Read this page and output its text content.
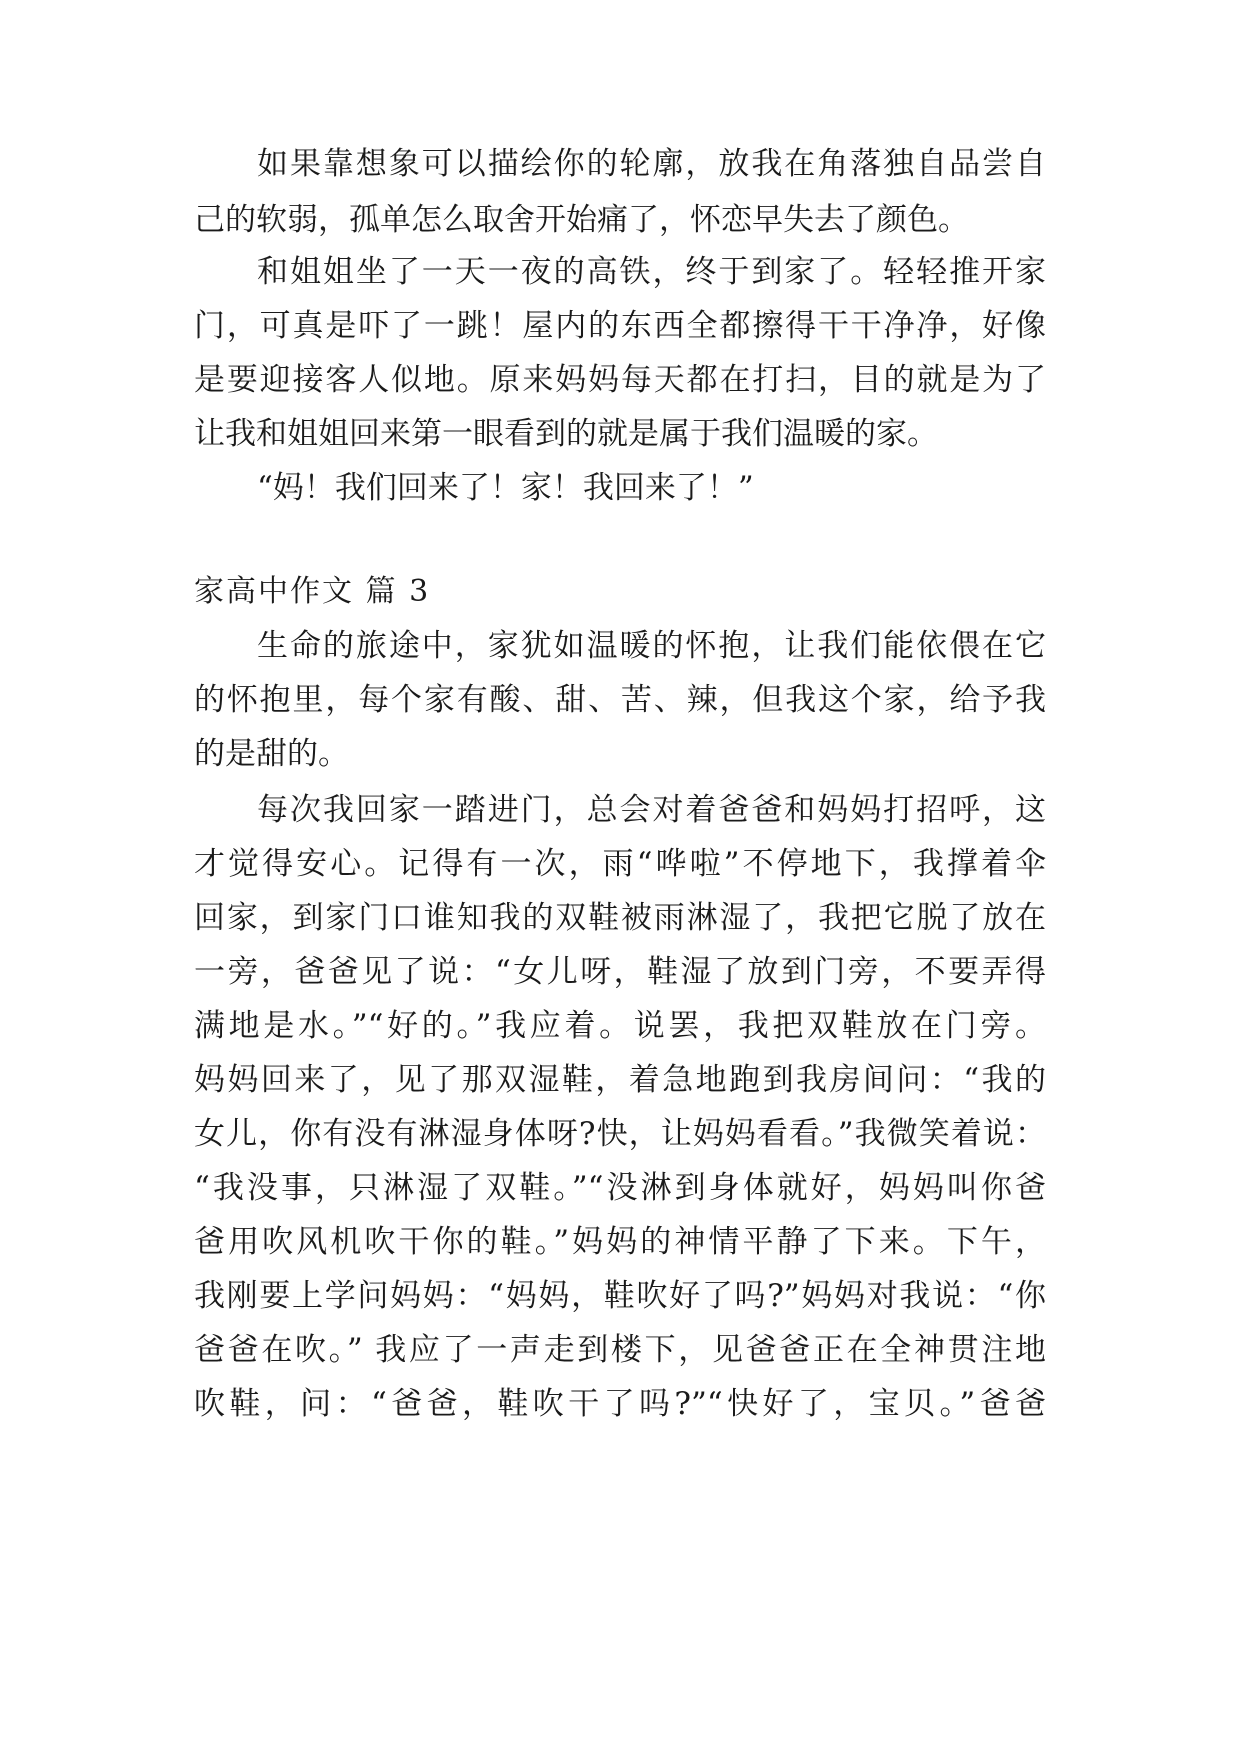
如果靠想象可以描绘你的轮廓，放我在角落独自品尝自
己的软弱，孤单怎么取舍开始痛了，怀恋早失去了颜色。
和姐姐坐了一天一夜的高铁，终于到家了。轻轻推开家
门，可真是吓了一跳！屋内的东西全都擦得干干净净，好像
是要迎接客人似地。原来妈妈每天都在打扫，目的就是为了
让我和姐姐回来第一眼看到的就是属于我们温暖的家。
“妈！我们回来了！家！我回来了！”
家高中作文 篇 3
生命的旅途中，家犹如温暖的怀抱，让我们能依偎在它
的怀抱里，每个家有酸、甜、苦、辣，但我这个家，给予我
的是甜的。
每次我回家一踏进门，总会对着爸爸和妈妈打招呼，这
才觉得安心。记得有一次，雨“哗啦”不停地下，我撑着伞
回家，到家门口谁知我的双鞋被雨淋湿了，我把它脱了放在
一旁，爸爸见了说：“女儿呀，鞋湿了放到门旁，不要弄得
满地是水。”“好的。”我应着。说罢，我把双鞋放在门旁。
妈妈回来了，见了那双湿鞋，着急地跑到我房间问：“我的
女儿，你有没有淋湿身体呀?快，让妈妈看看。”我微笑着说：
“我没事，只淋湿了双鞋。”“没淋到身体就好，妈妈叫你爸
爸用吹风机吹干你的鞋。”妈妈的神情平静了下来。下午，
我刚要上学问妈妈：“妈妈，鞋吹好了吗?”妈妈对我说：“你
爸爸在吹。” 我应了一声走到楼下，见爸爸正在全神贯注地
吹鞋，问：“爸爸，鞋吹干了吗?”“快好了，宝贝。”爸爸
